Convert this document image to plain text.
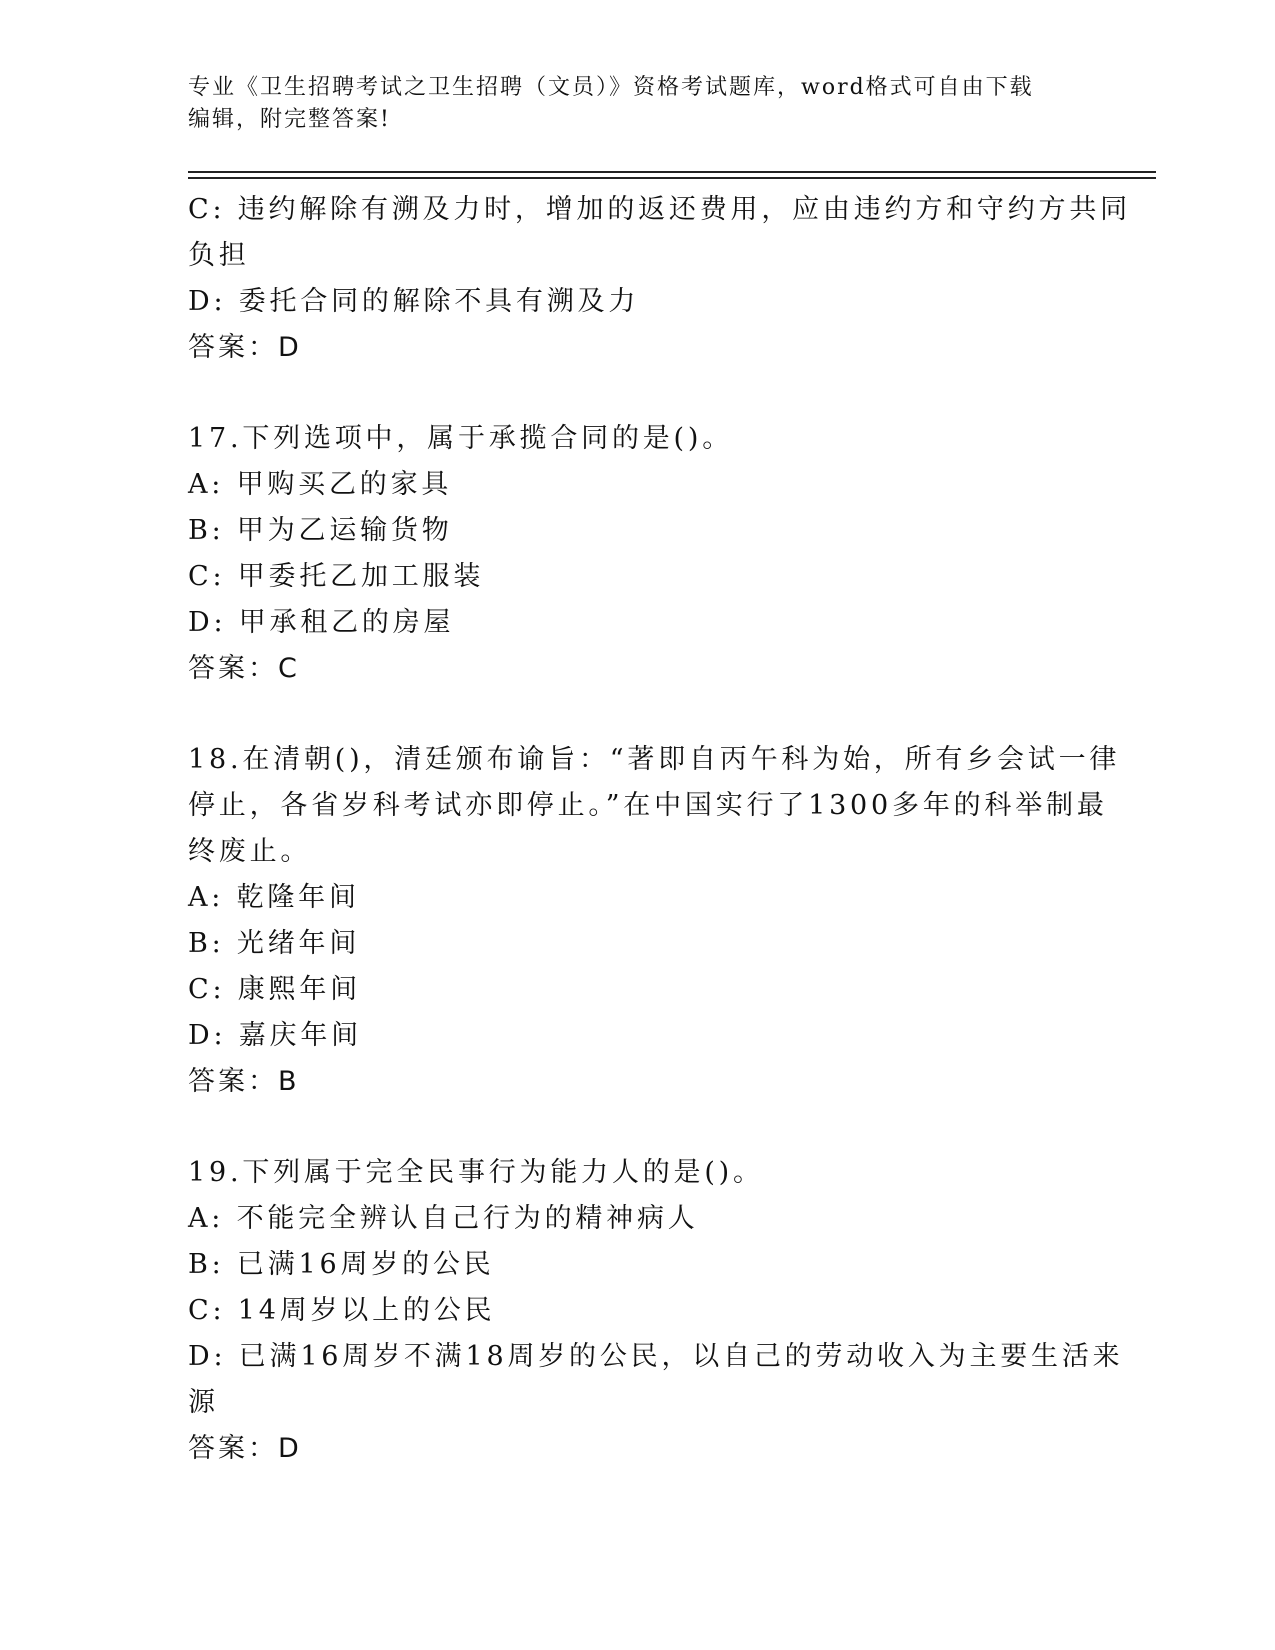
专业《卫生招聘考试之卫生招聘（文员）》资格考试题库，word格式可自由下载
编辑，附完整答案!
C: 违约解除有溯及力时，增加的返还费用，应由违约方和守约方共同
负担
D: 委托合同的解除不具有溯及力
答案：D
17.下列选项中，属于承揽合同的是()。
A: 甲购买乙的家具
B: 甲为乙运输货物
C: 甲委托乙加工服装
D: 甲承租乙的房屋
答案：C
18.在清朝()，清廷颁布谕旨：“著即自丙午科为始，所有乡会试一律
停止，各省岁科考试亦即停止。”在中国实行了1300多年的科举制最
终废止。
A: 乾隆年间
B: 光绪年间
C: 康熙年间
D: 嘉庆年间
答案：B
19.下列属于完全民事行为能力人的是()。
A: 不能完全辨认自己行为的精神病人
B: 已满16周岁的公民
C: 14周岁以上的公民
D: 已满16周岁不满18周岁的公民，以自己的劳动收入为主要生活来
源
答案：D
